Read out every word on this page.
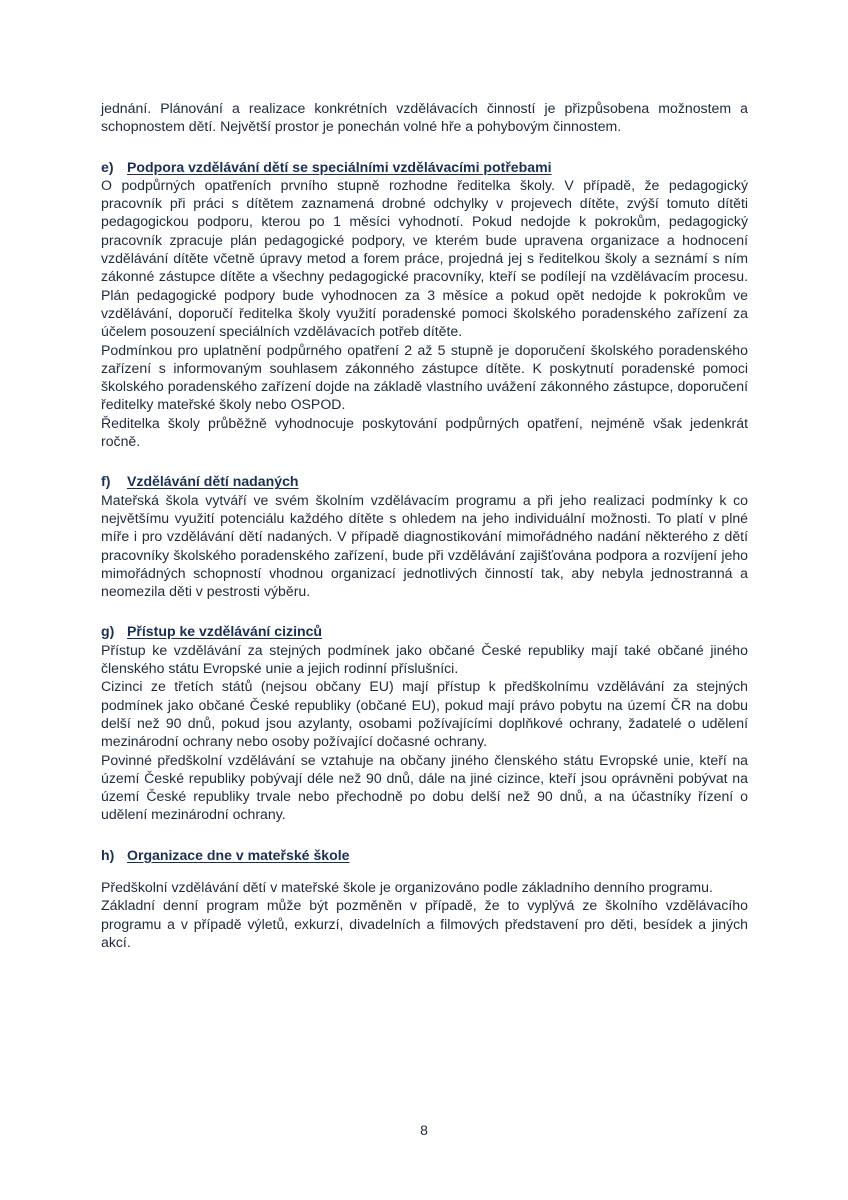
jednání. Plánování a realizace konkrétních vzdělávacích činností je přizpůsobena možnostem a schopnostem dětí. Největší prostor je ponechán volné hře a pohybovým činnostem.

e) Podpora vzdělávání dětí se speciálními vzdělávacími potřebami

O podpůrných opatřeních prvního stupně rozhodne ředitelka školy. V případě, že pedagogický pracovník při práci s dítětem zaznamená drobné odchylky v projevech dítěte, zvýší tomuto dítěti pedagogickou podporu, kterou po 1 měsíci vyhodnotí. Pokud nedojde k pokrokům, pedagogický pracovník zpracuje plán pedagogické podpory, ve kterém bude upravena organizace a hodnocení vzdělávání dítěte včetně úpravy metod a forem práce, projedná jej s ředitelkou školy a seznámí s ním zákonné zástupce dítěte a všechny pedagogické pracovníky, kteří se podílejí na vzdělávacím procesu. Plán pedagogické podpory bude vyhodnocen za 3 měsíce a pokud opět nedojde k pokrokům ve vzdělávání, doporučí ředitelka školy využití poradenské pomoci školského poradenského zařízení za účelem posouzení speciálních vzdělávacích potřeb dítěte.

Podmínkou pro uplatnění podpůrného opatření 2 až 5 stupně je doporučení školského poradenského zařízení s informovaným souhlasem zákonného zástupce dítěte. K poskytnutí poradenské pomoci školského poradenského zařízení dojde na základě vlastního uvážení zákonného zástupce, doporučení ředitelky mateřské školy nebo OSPOD.

Ředitelka školy průběžně vyhodnocuje poskytování podpůrných opatření, nejméně však jedenkrát ročně.

f) Vzdělávání dětí nadaných

Mateřská škola vytváří ve svém školním vzdělávacím programu a při jeho realizaci podmínky k co největšímu využití potenciálu každého dítěte s ohledem na jeho individuální možnosti. To platí v plné míře i pro vzdělávání dětí nadaných. V případě diagnostikování mimořádného nadání některého z dětí pracovníky školského poradenského zařízení, bude při vzdělávání zajišťována podpora a rozvíjení jeho mimořádných schopností vhodnou organizací jednotlivých činností tak, aby nebyla jednostranná a neomezila děti v pestrosti výběru.

g) Přístup ke vzdělávání cizinců

Přístup ke vzdělávání za stejných podmínek jako občané České republiky mají také občané jiného členského státu Evropské unie a jejich rodinní příslušníci.

Cizinci ze třetích států (nejsou občany EU) mají přístup k předškolnímu vzdělávání za stejných podmínek jako občané České republiky (občané EU), pokud mají právo pobytu na území ČR na dobu delší než 90 dnů, pokud jsou azylanty, osobami požívajícími doplňkové ochrany, žadatelé o udělení mezinárodní ochrany nebo osoby požívající dočasné ochrany.

Povinné předškolní vzdělávání se vztahuje na občany jiného členského státu Evropské unie, kteří na území České republiky pobývají déle než 90 dnů, dále na jiné cizince, kteří jsou oprávněni pobývat na území České republiky trvale nebo přechodně po dobu delší než 90 dnů, a na účastníky řízení o udělení mezinárodní ochrany.

h) Organizace dne v mateřské škole

Předškolní vzdělávání dětí v mateřské škole je organizováno podle základního denního programu.

Základní denní program může být pozměněn v případě, že to vyplývá ze školního vzdělávacího programu a v případě výletů, exkurzí, divadelních a filmových představení pro děti, besídek a jiných akcí.

8
